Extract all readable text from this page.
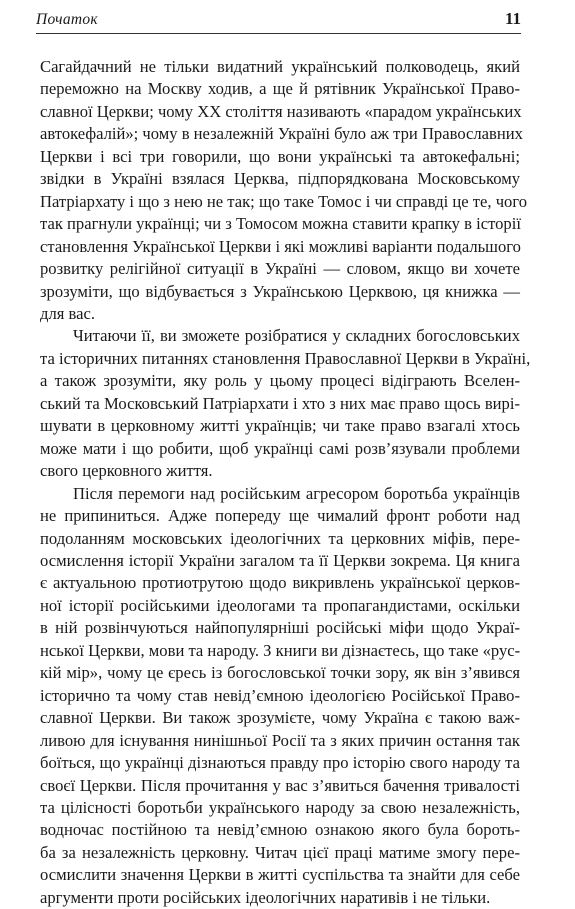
Початок	11
Сагайдачний не тільки видатний український полководець, який
переможно на Москву ходив, а ще й рятівник Української Право-
славної Церкви; чому XX століття називають «парадом українських
автокефалій»; чому в незалежній Україні було аж три Православних
Церкви і всі три говорили, що вони українські та автокефальні;
звідки в Україні взялася Церква, підпорядкована Московському
Патріархату і що з нею не так; що таке Томос і чи справді це те, чого
так прагнули українці; чи з Томосом можна ставити крапку в історії
становлення Української Церкви і які можливі варіанти подальшого
розвитку релігійної ситуації в Україні — словом, якщо ви хочете
зрозуміти, що відбувається з Українською Церквою, ця книжка —
для вас.
Читаючи її, ви зможете розібратися у складних богословських
та історичних питаннях становлення Православної Церкви в Україні,
а також зрозуміти, яку роль у цьому процесі відіграють Вселен-
ський та Московський Патріархати і хто з них має право щось вирі-
шувати в церковному житті українців; чи таке право взагалі хтось
може мати і що робити, щоб українці самі розв’язували проблеми
свого церковного життя.
Після перемоги над російським агресором боротьба українців
не припиниться. Адже попереду ще чималий фронт роботи над
подоланням московських ідеологічних та церковних міфів, пере-
осмислення історії України загалом та її Церкви зокрема. Ця книга
є актуальною протиотрутою щодо викривлень української церков-
ної історії російськими ідеологами та пропагандистами, оскільки
в ній розвінчуються найпопулярніші російські міфи щодо Украї-
нської Церкви, мови та народу. З книги ви дізнаєтесь, що таке «рус-
кій мір», чому це єресь із богословської точки зору, як він з’явився
історично та чому став невід’ємною ідеологією Російської Право-
славної Церкви. Ви також зрозумієте, чому Україна є такою важ-
ливою для існування нинішньої Росії та з яких причин остання так
боїться, що українці дізнаються правду про історію свого народу та
своєї Церкви. Після прочитання у вас з’явиться бачення тривалості
та цілісності боротьби українського народу за свою незалежність,
водночас постійною та невід’ємною ознакою якого була бороть-
ба за незалежність церковну. Читач цієї праці матиме змогу пере-
осмислити значення Церкви в житті суспільства та знайти для себе
аргументи проти російських ідеологічних наративів і не тільки.
